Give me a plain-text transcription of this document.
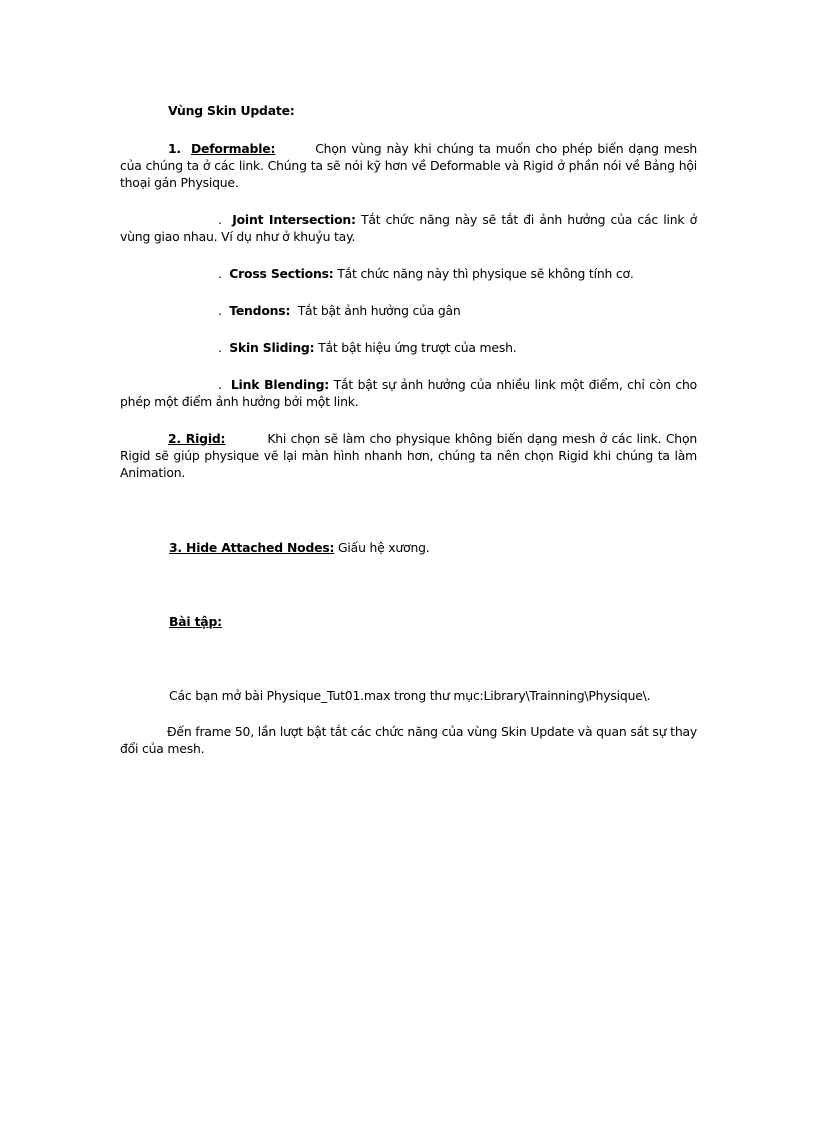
Vùng Skin Update:
1. Deformable:	Chọn vùng này khi chúng ta muốn cho phép biến dạng mesh của chúng ta ở các link. Chúng ta sẽ nói kỹ hơn về Deformable và Rigid ở phần nói về Bảng hội thoại gán Physique.
. Joint Intersection: Tắt chức năng này sẽ tắt đi ảnh hưởng của các link ở vùng giao nhau. Ví dụ như ở khuỷu tay.
. Cross Sections: Tắt chức năng này thì physique sẽ không tính cơ.
. Tendons: Tắt bật ảnh hưởng của gân
. Skin Sliding: Tắt bật hiệu ứng trượt của mesh.
. Link Blending: Tắt bật sự ảnh hưởng của nhiều link một điểm, chỉ còn cho phép một điểm ảnh hưởng bởi một link.
2. Rigid:	Khi chọn sẽ làm cho physique không biến dạng mesh ở các link. Chọn Rigid sẽ giúp physique vẽ lại màn hình nhanh hơn, chúng ta nên chọn Rigid khi chúng ta làm Animation.
3. Hide Attached Nodes: Giấu hệ xương.
Bài tập:
Các bạn mở bài Physique_Tut01.max trong thư mục:Library\Trainning\Physique\.
Đến frame 50, lần lượt bật tắt các chức năng của vùng Skin Update và quan sát sự thay đổi của mesh.
